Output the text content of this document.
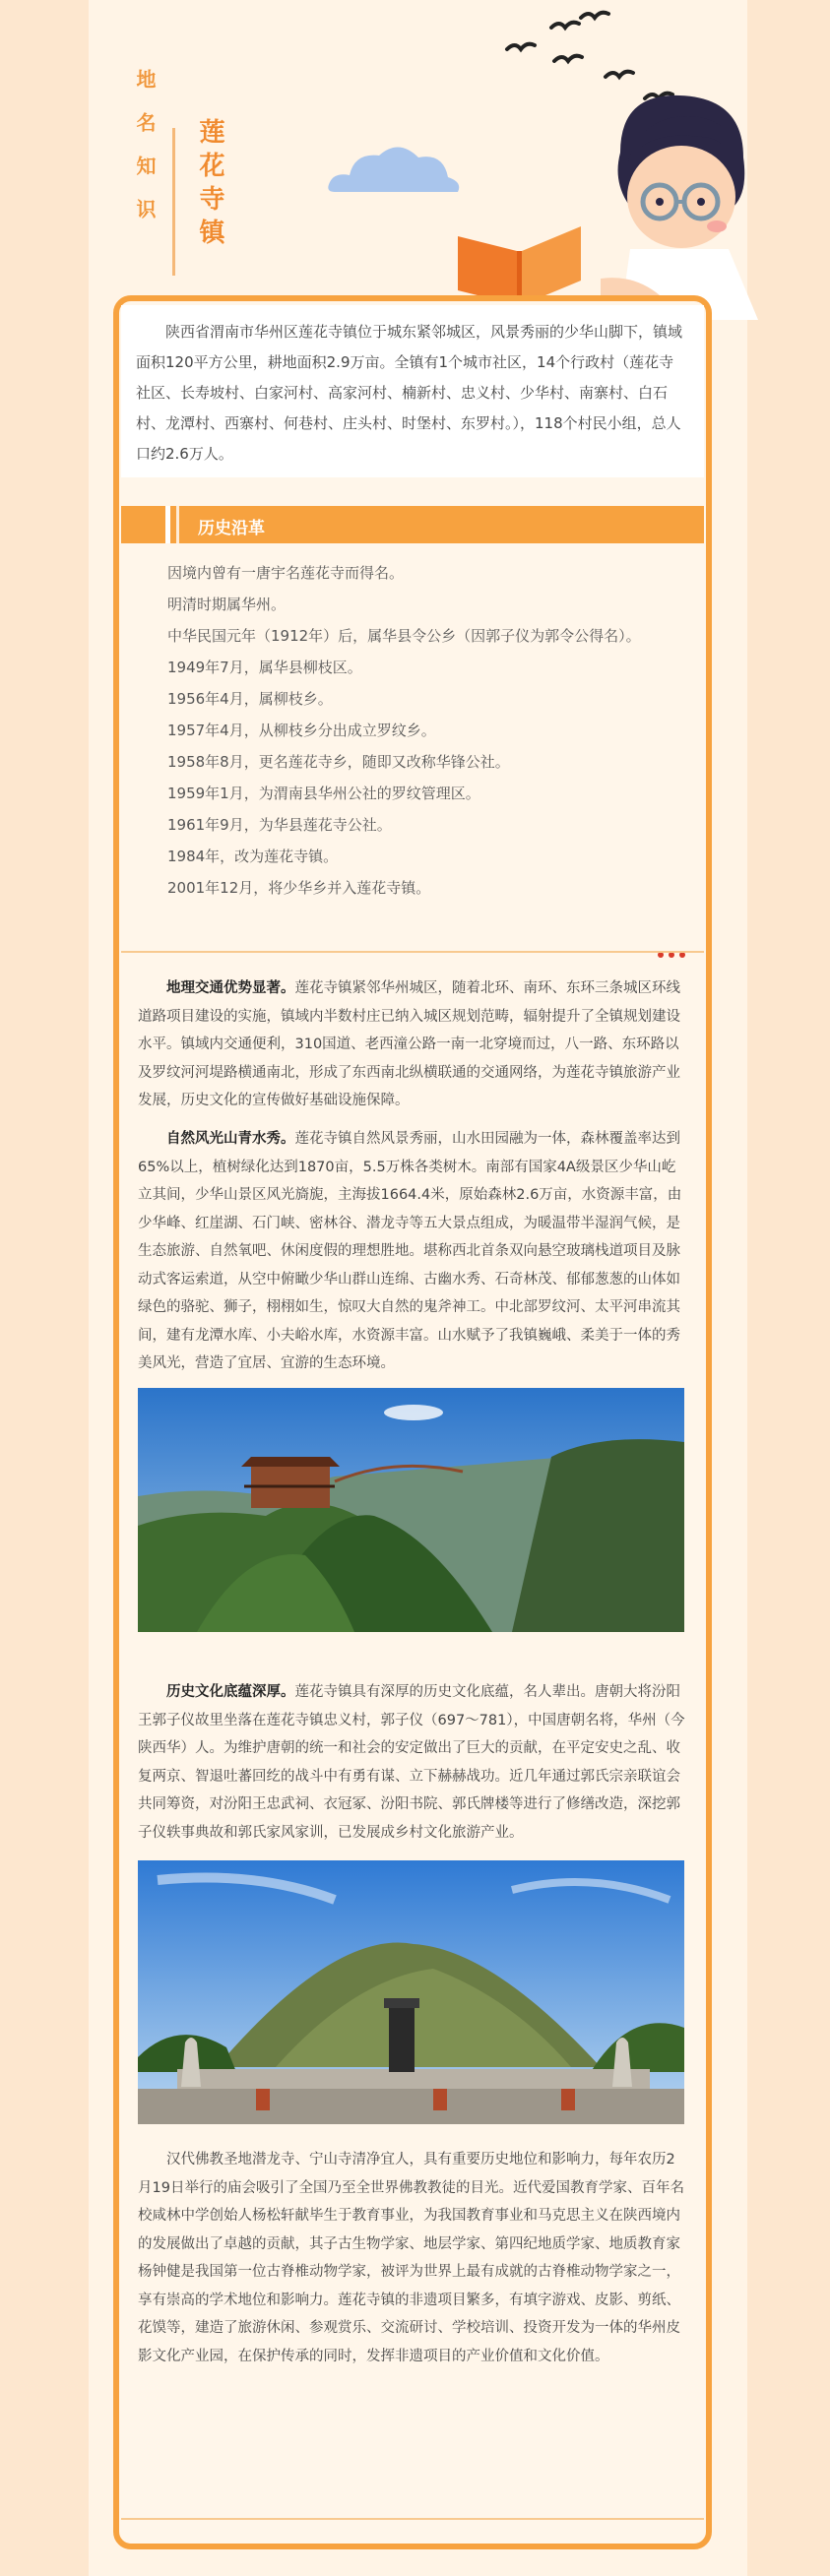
地名知识 莲花寺镇

陕西省渭南市华州区莲花寺镇位于城东紧邻城区，风景秀丽的少华山脚下，镇域面积120平方公里，耕地面积2.9万亩。全镇有1个城市社区，14个行政村（莲花寺社区、长寿坡村、白家河村、高家河村、楠新村、忠义村、少华村、南寨村、白石村、龙潭村、西寨村、何巷村、庄头村、时堡村、东罗村。），118个村民小组，总人口约2.6万人。

历史沿革

因境内曾有一唐宇名莲花寺而得名。

明清时期属华州。

中华民国元年（1912年）后，属华县令公乡（因郭子仪为郭令公得名）。

1949年7月，属华县柳枝区。

1956年4月，属柳枝乡。

1957年4月，从柳枝乡分出成立罗纹乡。

1958年8月，更名莲花寺乡，随即又改称华锋公社。

1959年1月，为渭南县华州公社的罗纹管理区。

1961年9月，为华县莲花寺公社。

1984年，改为莲花寺镇。

2001年12月，将少华乡并入莲花寺镇。

地理交通优势显著。莲花寺镇紧邻华州城区，随着北环、南环、东环三条城区环线道路项目建设的实施，镇域内半数村庄已纳入城区规划范畴，辐射提升了全镇规划建设水平。镇域内交通便利，310国道、老西潼公路一南一北穿境而过，八一路、东环路以及罗纹河河堤路横通南北，形成了东西南北纵横联通的交通网络，为莲花寺镇旅游产业发展，历史文化的宣传做好基础设施保障。

自然风光山青水秀。莲花寺镇自然风景秀丽，山水田园融为一体，森林覆盖率达到65%以上，植树绿化达到1870亩，5.5万株各类树木。南部有国家4A级景区少华山屹立其间，少华山景区风光旖旎，主海拔1664.4米，原始森林2.6万亩，水资源丰富，由少华峰、红崖湖、石门峡、密林谷、潜龙寺等五大景点组成，为暖温带半湿润气候，是生态旅游、自然氧吧、休闲度假的理想胜地。堪称西北首条双向悬空玻璃栈道项目及脉动式客运索道，从空中俯瞰少华山群山连绵、古幽水秀、石奇林茂、郁郁葱葱的山体如绿色的骆驼、狮子，栩栩如生，惊叹大自然的鬼斧神工。中北部罗纹河、太平河串流其间，建有龙潭水库、小夫峪水库，水资源丰富。山水赋予了我镇巍峨、柔美于一体的秀美风光，营造了宜居、宜游的生态环境。

历史文化底蕴深厚。莲花寺镇具有深厚的历史文化底蕴，名人辈出。唐朝大将汾阳王郭子仪故里坐落在莲花寺镇忠义村，郭子仪（697～781），中国唐朝名将，华州（今陕西华）人。为维护唐朝的统一和社会的安定做出了巨大的贡献，在平定安史之乱、收复两京、智退吐蕃回纥的战斗中有勇有谋、立下赫赫战功。近几年通过郭氏宗亲联谊会共同筹资，对汾阳王忠武祠、衣冠冢、汾阳书院、郭氏牌楼等进行了修缮改造，深挖郭子仪轶事典故和郭氏家风家训，已发展成乡村文化旅游产业。

汉代佛教圣地潜龙寺、宁山寺清净宜人，具有重要历史地位和影响力，每年农历2月19日举行的庙会吸引了全国乃至全世界佛教教徒的目光。近代爱国教育学家、百年名校咸林中学创始人杨松轩献毕生于教育事业，为我国教育事业和马克思主义在陕西境内的发展做出了卓越的贡献，其子古生物学家、地层学家、第四纪地质学家、地质教育家杨钟健是我国第一位古脊椎动物学家，被评为世界上最有成就的古脊椎动物学家之一，享有崇高的学术地位和影响力。莲花寺镇的非遗项目繁多，有填字游戏、皮影、剪纸、花馍等，建造了旅游休闲、参观赏乐、交流研讨、学校培训、投资开发为一体的华州皮影文化产业园，在保护传承的同时，发挥非遗项目的产业价值和文化价值。
